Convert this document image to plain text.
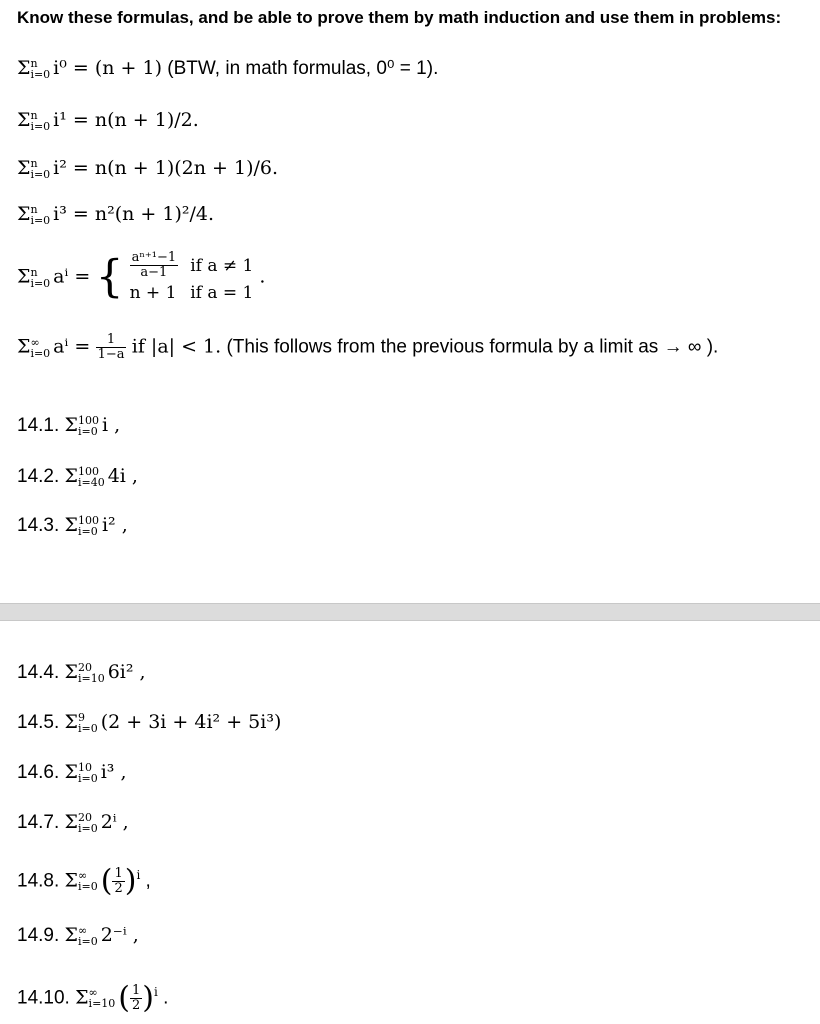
Know these formulas, and be able to prove them by math induction and use them in problems:
Σ n
i=0 i⁰ = (n + 1) (BTW, in math formulas, 0⁰ = 1).
Σ n
i=0 i¹ = n(n + 1)/2.
Σ n
i=0 i² = n(n + 1)(2n + 1)/6.
Σ n
i=0 i³ = n²(n + 1)²/4.
Σ n
i=0 aⁱ = { $\frac{\text{aⁿ⁺¹−1}}{a-1}$	if a ≠ 1
n + 1	if a = 1
.
Σ ∞
i=0 $a^i = \frac{1}{1-a}$ if |a| < 1. (This follows from the previous formula by a limit as → ∞ ).
14.1. Σ 100
i=0 i ,
14.2. Σ 100
i=40 4i ,
14.3. Σ 100
i=0 i² ,
14.4. Σ 20
i=10 6i² ,
14.5. Σ 9
i=0 (2 + 3i + 4i² + 5i³)
14.6. Σ 10
i=0 i³ ,
14.7. Σ 20
i=0 2ⁱ ,
14.8. Σ ∞
i=0 ( $\frac{1}{2} )^i$ ,
14.9. Σ ∞
i=0 2⁻ⁱ ,
14.10. Σ ∞
i=10 ( $\frac{1}{2} )^i$ .
